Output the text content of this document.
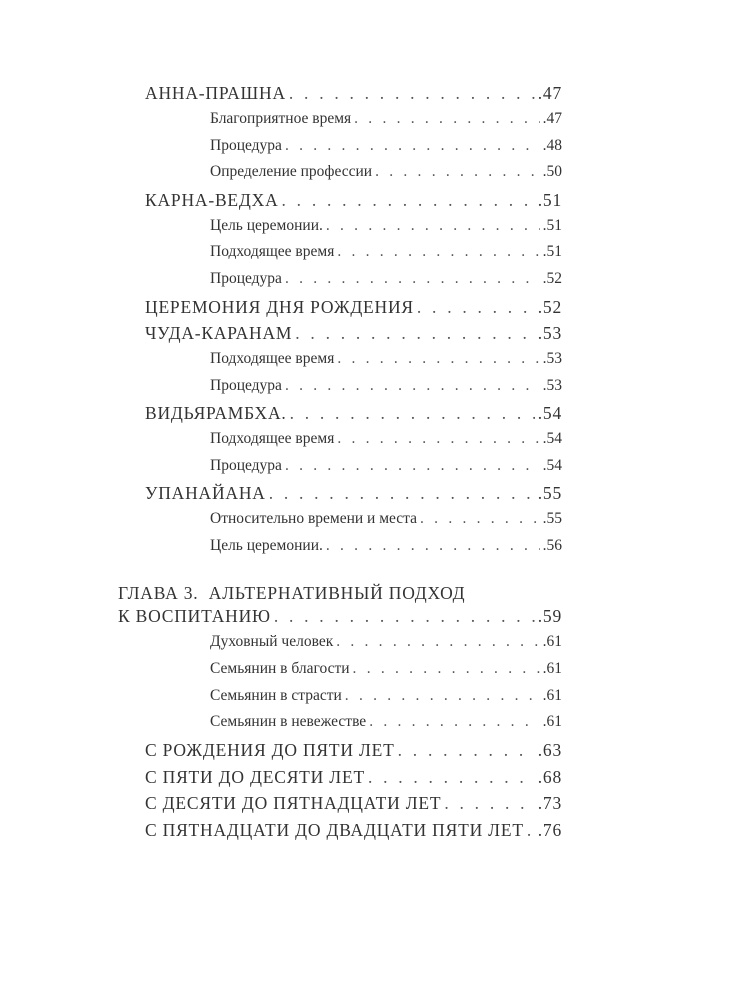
АННА-ПРАШНА . . .	.47
Благоприятное время . . .	.47
Процедура . . .	.48
Определение профессии . . .	.50
КАРНА-ВЕДХА . . .	.51
Цель церемонии. . . .	.51
Подходящее время . . .	.51
Процедура . . .	.52
ЦЕРЕМОНИЯ ДНЯ РОЖДЕНИЯ . . .	.52
ЧУДА-КАРАНАМ . . .	.53
Подходящее время . . .	.53
Процедура . . .	.53
ВИДЬЯРАМБХА. . . .	.54
Подходящее время . . .	.54
Процедура . . .	.54
УПАНАЙАНА . . .	.55
Относительно времени и места . . .	.55
Цель церемонии. . . .	.56
ГЛАВА 3. АЛЬТЕРНАТИВНЫЙ ПОДХОД
К ВОСПИТАНИЮ . . .	.59
Духовный человек . . .	.61
Семьянин в благости . . .	.61
Семьянин в страсти . . .	.61
Семьянин в невежестве . . .	.61
С РОЖДЕНИЯ ДО ПЯТИ ЛЕТ . . .	.63
С ПЯТИ ДО ДЕСЯТИ ЛЕТ . . .	.68
С ДЕСЯТИ ДО ПЯТНАДЦАТИ ЛЕТ . . .	.73
С ПЯТНАДЦАТИ ДО ДВАДЦАТИ ПЯТИ ЛЕТ . . . .76
